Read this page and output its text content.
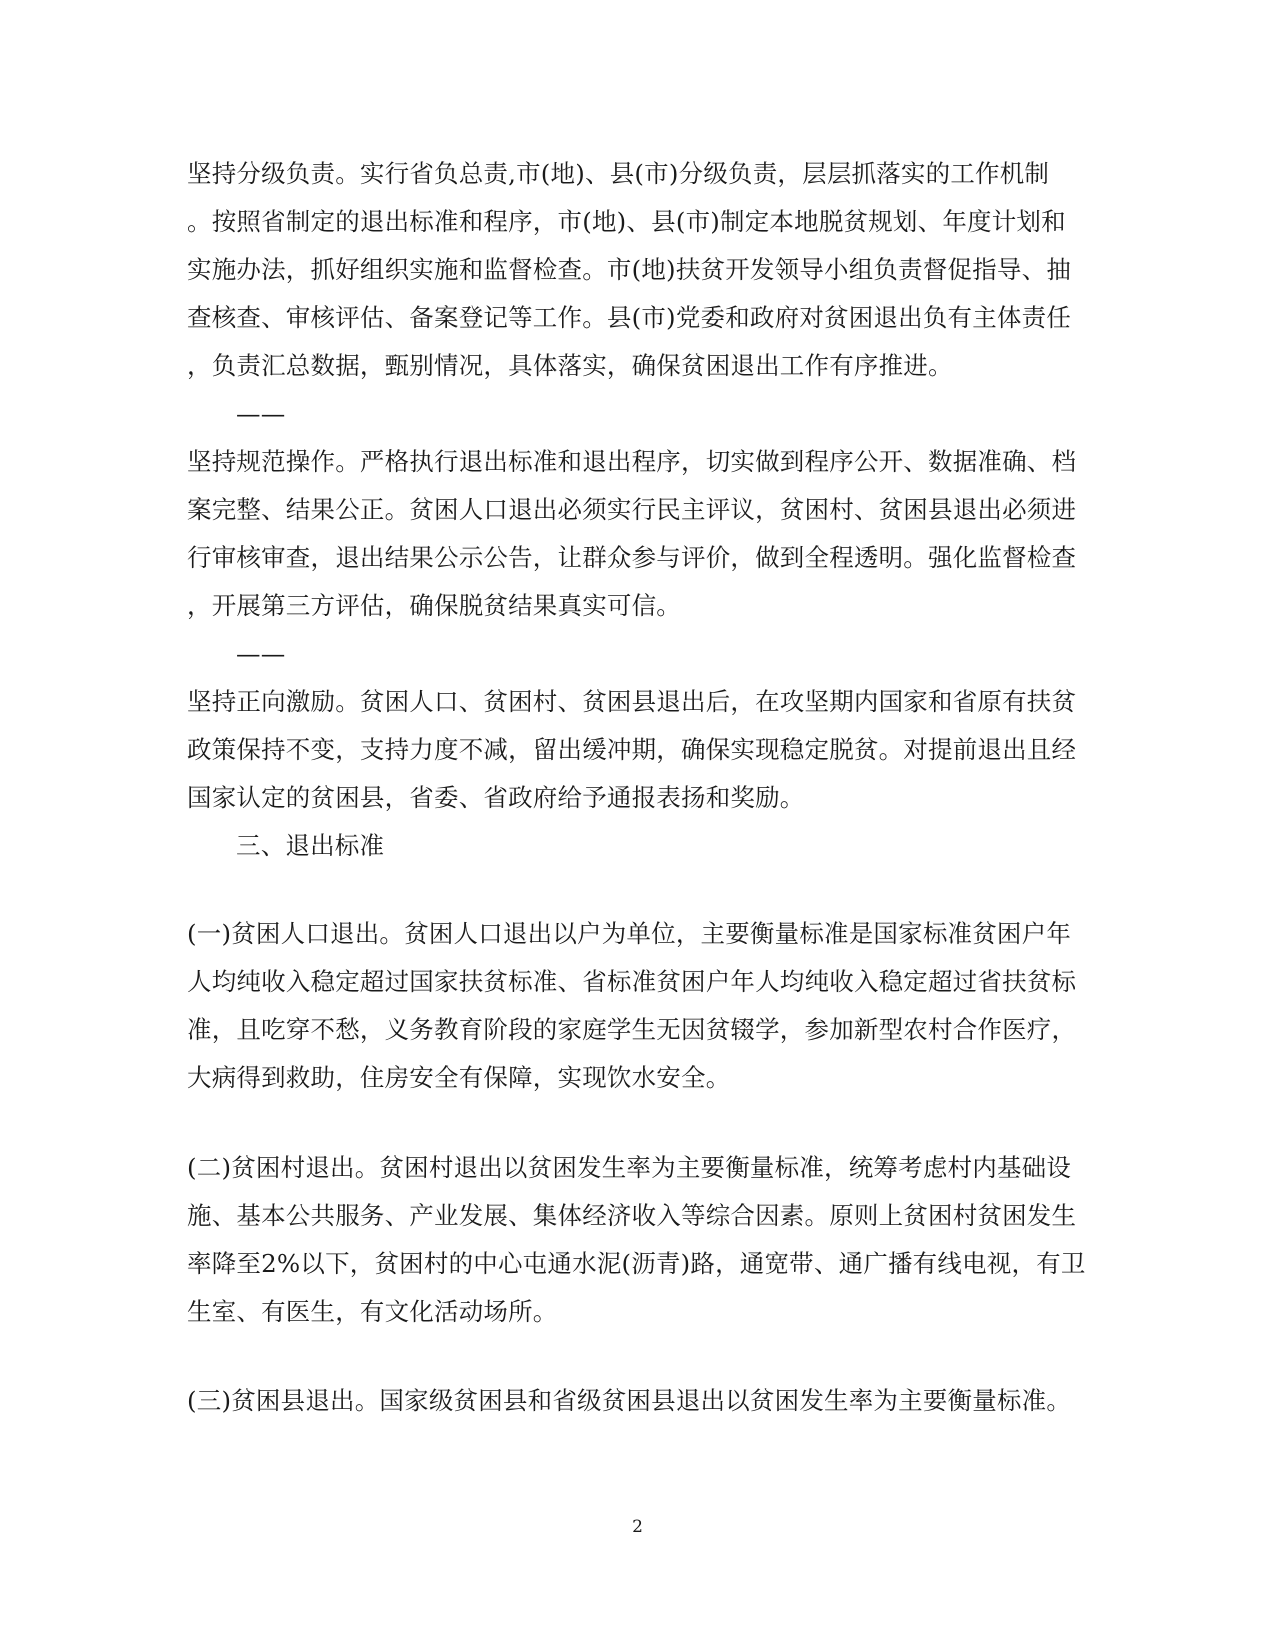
坚持分级负责。实行省负总责,市(地)、县(市)分级负责，层层抓落实的工作机制
。按照省制定的退出标准和程序，市(地)、县(市)制定本地脱贫规划、年度计划和
实施办法，抓好组织实施和监督检查。市(地)扶贫开发领导小组负责督促指导、抽
查核查、审核评估、备案登记等工作。县(市)党委和政府对贫困退出负有主体责任
，负责汇总数据，甄别情况，具体落实，确保贫困退出工作有序推进。
——
坚持规范操作。严格执行退出标准和退出程序，切实做到程序公开、数据准确、档
案完整、结果公正。贫困人口退出必须实行民主评议，贫困村、贫困县退出必须进
行审核审查，退出结果公示公告，让群众参与评价，做到全程透明。强化监督检查
，开展第三方评估，确保脱贫结果真实可信。
——
坚持正向激励。贫困人口、贫困村、贫困县退出后，在攻坚期内国家和省原有扶贫
政策保持不变，支持力度不减，留出缓冲期，确保实现稳定脱贫。对提前退出且经
国家认定的贫困县，省委、省政府给予通报表扬和奖励。
三、退出标准
(一)贫困人口退出。贫困人口退出以户为单位，主要衡量标准是国家标准贫困户年
人均纯收入稳定超过国家扶贫标准、省标准贫困户年人均纯收入稳定超过省扶贫标
准，且吃穿不愁，义务教育阶段的家庭学生无因贫辍学，参加新型农村合作医疗，
大病得到救助，住房安全有保障，实现饮水安全。
(二)贫困村退出。贫困村退出以贫困发生率为主要衡量标准，统筹考虑村内基础设
施、基本公共服务、产业发展、集体经济收入等综合因素。原则上贫困村贫困发生
率降至2%以下，贫困村的中心屯通水泥(沥青)路，通宽带、通广播有线电视，有卫
生室、有医生，有文化活动场所。
(三)贫困县退出。国家级贫困县和省级贫困县退出以贫困发生率为主要衡量标准。
2
